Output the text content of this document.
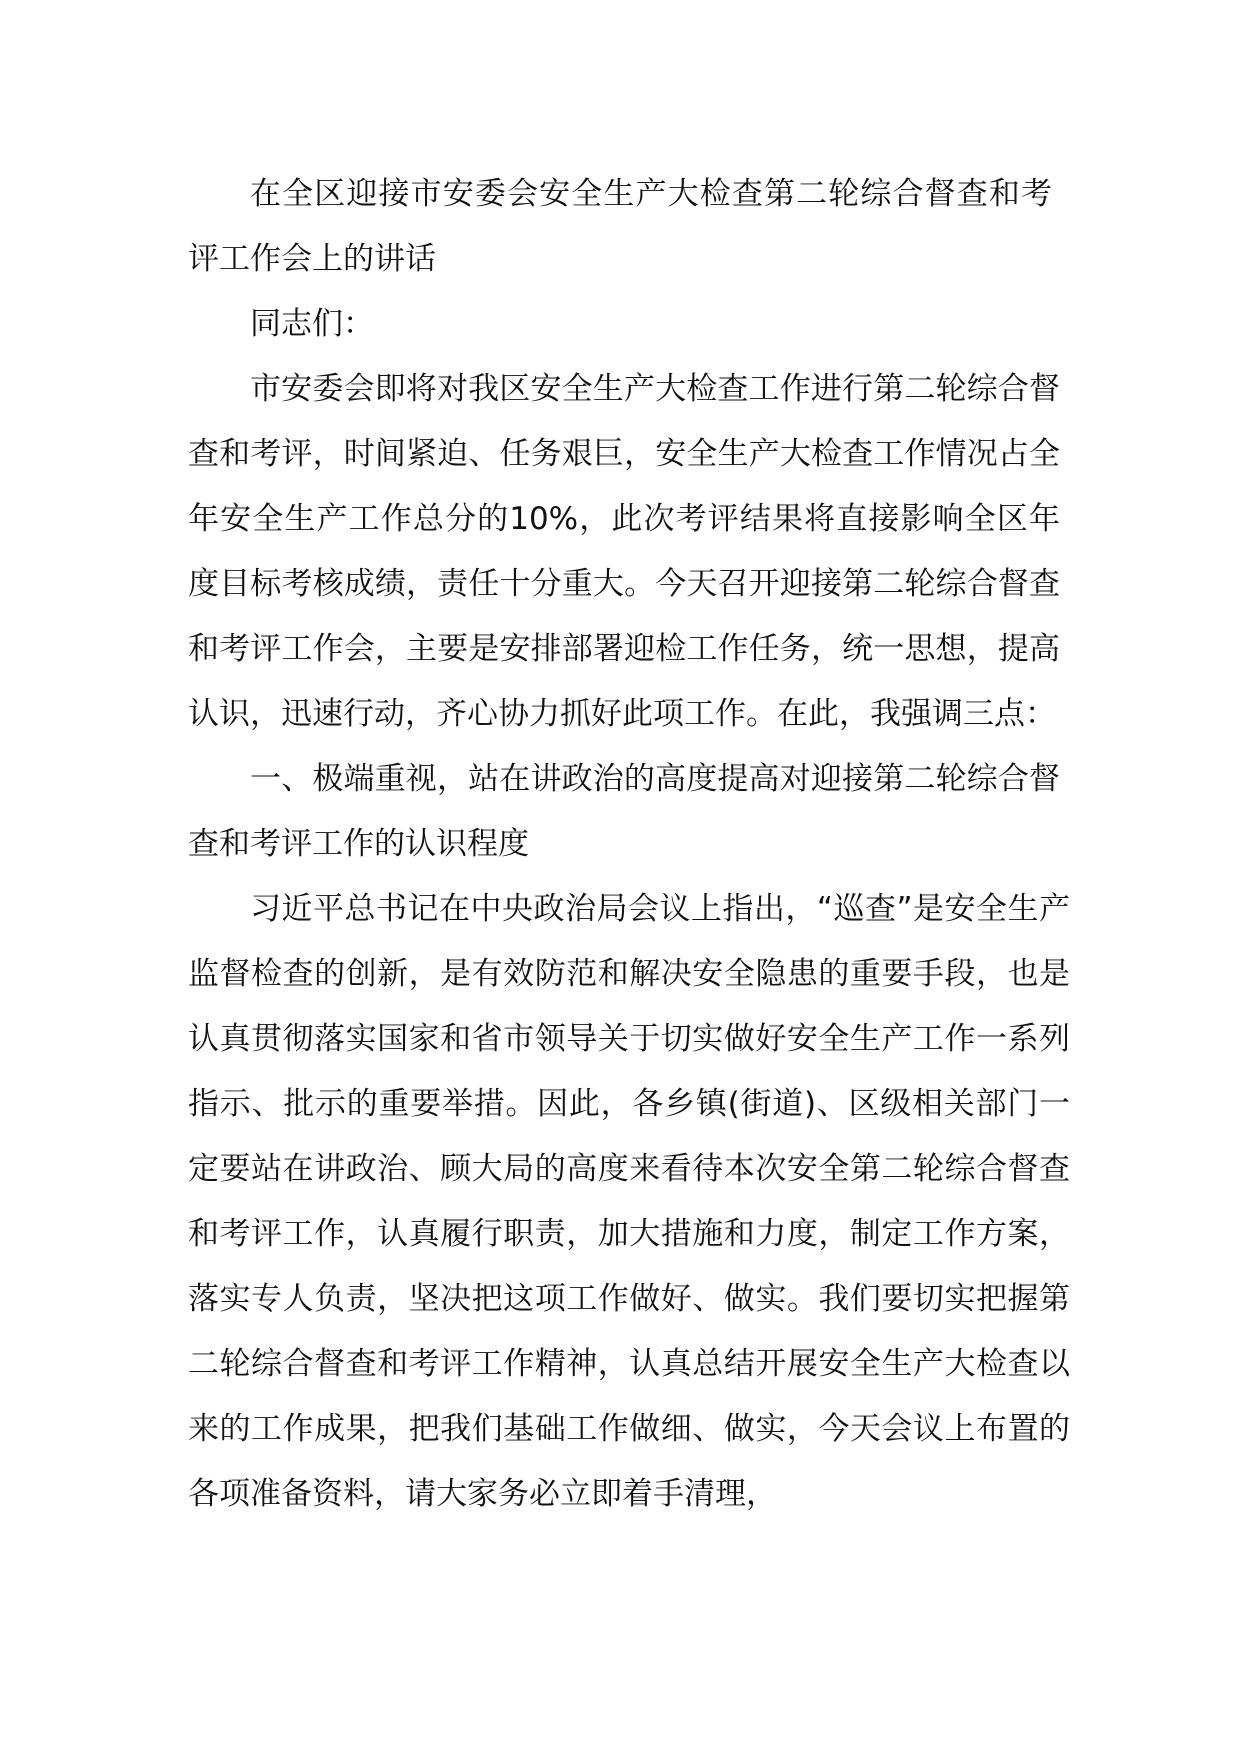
在全区迎接市安委会安全生产大检查第二轮综合督查和考评工作会上的讲话

同志们：

市安委会即将对我区安全生产大检查工作进行第二轮综合督查和考评，时间紧迫、任务艰巨，安全生产大检查工作情况占全年安全生产工作总分的10%，此次考评结果将直接影响全区年度目标考核成绩，责任十分重大。今天召开迎接第二轮综合督查和考评工作会，主要是安排部署迎检工作任务，统一思想，提高认识，迅速行动，齐心协力抓好此项工作。在此，我强调三点：

一、极端重视，站在讲政治的高度提高对迎接第二轮综合督查和考评工作的认识程度

习近平总书记在中央政治局会议上指出，“巡查”是安全生产监督检查的创新，是有效防范和解决安全隐患的重要手段，也是认真贯彻落实国家和省市领导关于切实做好安全生产工作一系列指示、批示的重要举措。因此，各乡镇(街道)、区级相关部门一定要站在讲政治、顾大局的高度来看待本次安全第二轮综合督查和考评工作，认真履行职责，加大措施和力度，制定工作方案，落实专人负责，坚决把这项工作做好、做实。我们要切实把握第二轮综合督查和考评工作精神，认真总结开展安全生产大检查以来的工作成果，把我们基础工作做细、做实，今天会议上布置的各项准备资料，请大家务必立即着手清理，
